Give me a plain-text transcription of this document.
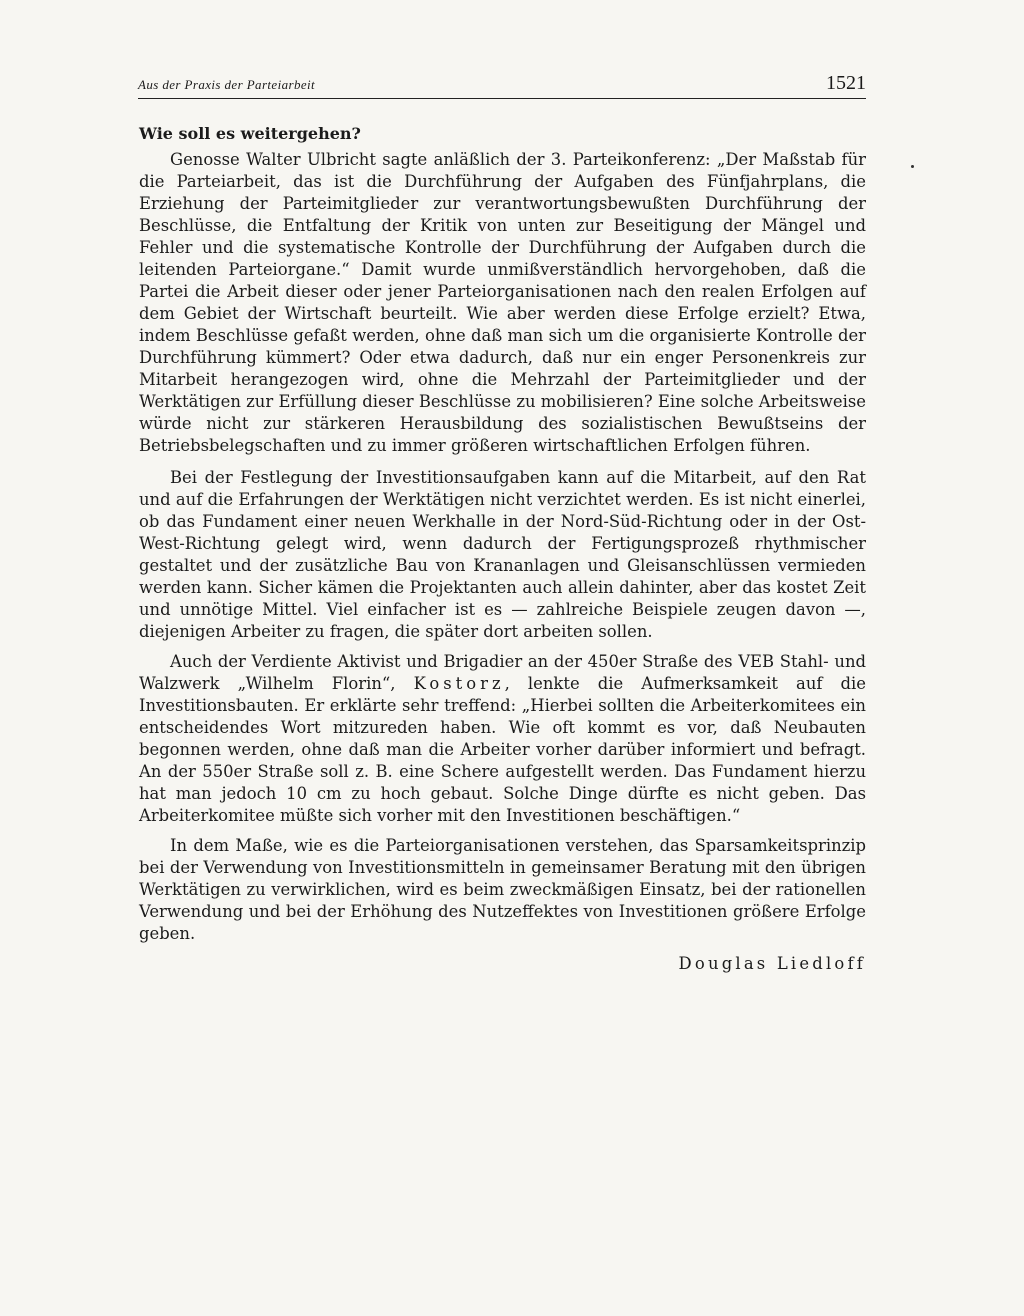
Aus der Praxis der Parteiarbeit	1521
Wie soll es weitergehen?

Genosse Walter Ulbricht sagte anläßlich der 3. Parteikonferenz: „Der Maßstab für die Parteiarbeit, das ist die Durchführung der Aufgaben des Fünfjahrplans, die Erziehung der Parteimitglieder zur verantwortungsbewußten Durchführung der Beschlüsse, die Entfaltung der Kritik von unten zur Beseitigung der Mängel und Fehler und die systematische Kontrolle der Durchführung der Aufgaben durch die leitenden Parteiorgane.“ Damit wurde unmißverständlich hervorgehoben, daß die Partei die Arbeit dieser oder jener Parteiorganisationen nach den realen Erfolgen auf dem Gebiet der Wirtschaft beurteilt. Wie aber werden diese Erfolge erzielt? Etwa, indem Beschlüsse gefaßt werden, ohne daß man sich um die organisierte Kontrolle der Durchführung kümmert? Oder etwa dadurch, daß nur ein enger Personenkreis zur Mitarbeit herangezogen wird, ohne die Mehrzahl der Parteimitglieder und der Werktätigen zur Erfüllung dieser Beschlüsse zu mobilisieren? Eine solche Arbeitsweise würde nicht zur stärkeren Herausbildung des sozialistischen Bewußtseins der Betriebsbelegschaften und zu immer größeren wirtschaftlichen Erfolgen führen.

Bei der Festlegung der Investitionsaufgaben kann auf die Mitarbeit, auf den Rat und auf die Erfahrungen der Werktätigen nicht verzichtet werden. Es ist nicht einerlei, ob das Fundament einer neuen Werkhalle in der Nord-Süd-Richtung oder in der Ost-West-Richtung gelegt wird, wenn dadurch der Fertigungsprozeß rhythmischer gestaltet und der zusätzliche Bau von Krananlagen und Gleisanschlüssen vermieden werden kann. Sicher kämen die Projektanten auch allein dahinter, aber das kostet Zeit und unnötige Mittel. Viel einfacher ist es — zahlreiche Beispiele zeugen davon —, diejenigen Arbeiter zu fragen, die später dort arbeiten sollen.

Auch der Verdiente Aktivist und Brigadier an der 450er Straße des VEB Stahl- und Walzwerk „Wilhelm Florin“, Kostorz, lenkte die Aufmerksamkeit auf die Investitionsbauten. Er erklärte sehr treffend: „Hierbei sollten die Arbeiterkomitees ein entscheidendes Wort mitzureden haben. Wie oft kommt es vor, daß Neubauten begonnen werden, ohne daß man die Arbeiter vorher darüber informiert und befragt. An der 550er Straße soll z. B. eine Schere aufgestellt werden. Das Fundament hierzu hat man jedoch 10 cm zu hoch gebaut. Solche Dinge dürfte es nicht geben. Das Arbeiterkomitee müßte sich vorher mit den Investitionen beschäftigen.“

In dem Maße, wie es die Parteiorganisationen verstehen, das Sparsamkeitsprinzip bei der Verwendung von Investitionsmitteln in gemeinsamer Beratung mit den übrigen Werktätigen zu verwirklichen, wird es beim zweckmäßigen Einsatz, bei der rationellen Verwendung und bei der Erhöhung des Nutzeffektes von Investitionen größere Erfolge geben.

Douglas Liedloff
